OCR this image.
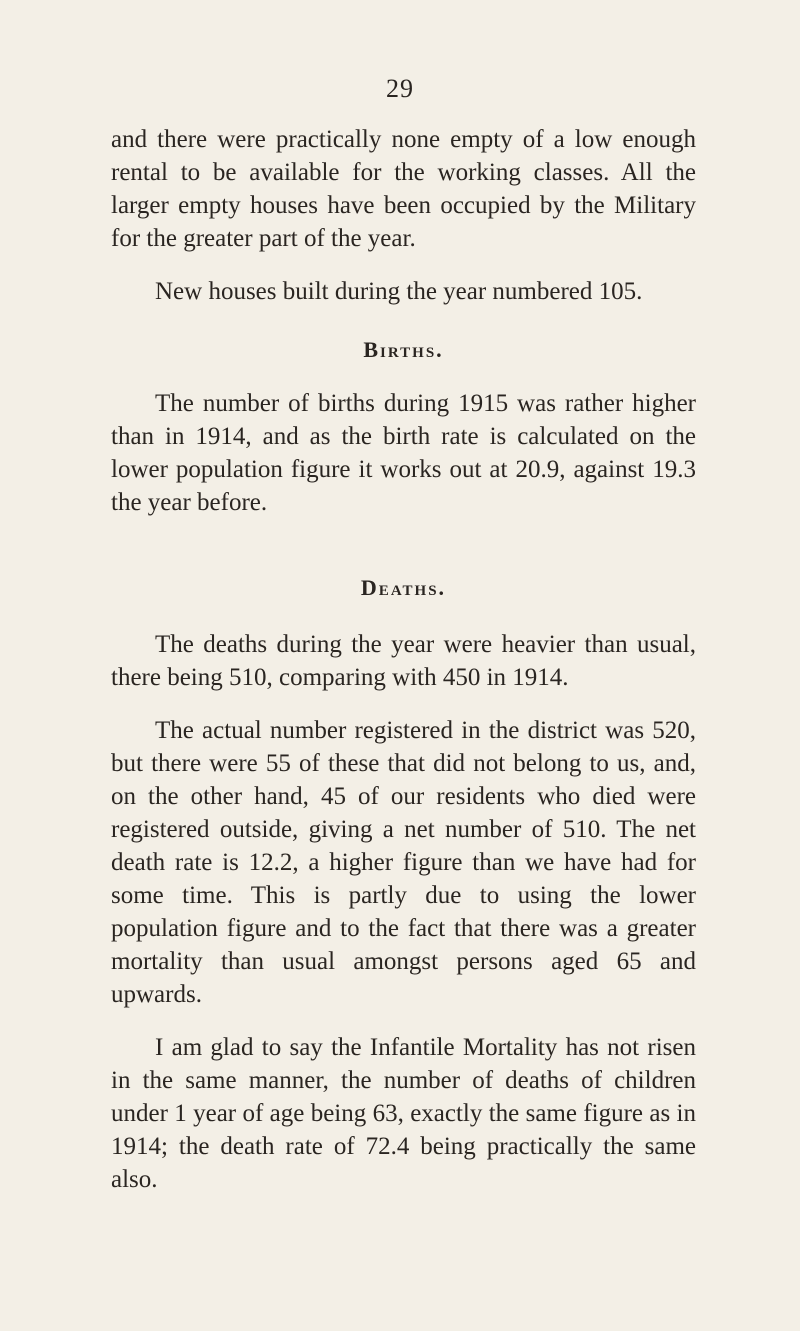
29

and there were practically none empty of a low enough rental to be available for the working classes. All the larger empty houses have been occupied by the Military for the greater part of the year.

New houses built during the year numbered 105.

Births.

The number of births during 1915 was rather higher than in 1914, and as the birth rate is calculated on the lower population figure it works out at 20.9, against 19.3 the year before.

Deaths.

The deaths during the year were heavier than usual, there being 510, comparing with 450 in 1914.

The actual number registered in the district was 520, but there were 55 of these that did not belong to us, and, on the other hand, 45 of our residents who died were registered outside, giving a net number of 510. The net death rate is 12.2, a higher figure than we have had for some time. This is partly due to using the lower population figure and to the fact that there was a greater mortality than usual amongst persons aged 65 and upwards.

I am glad to say the Infantile Mortality has not risen in the same manner, the number of deaths of children under 1 year of age being 63, exactly the same figure as in 1914; the death rate of 72.4 being practically the same also.
